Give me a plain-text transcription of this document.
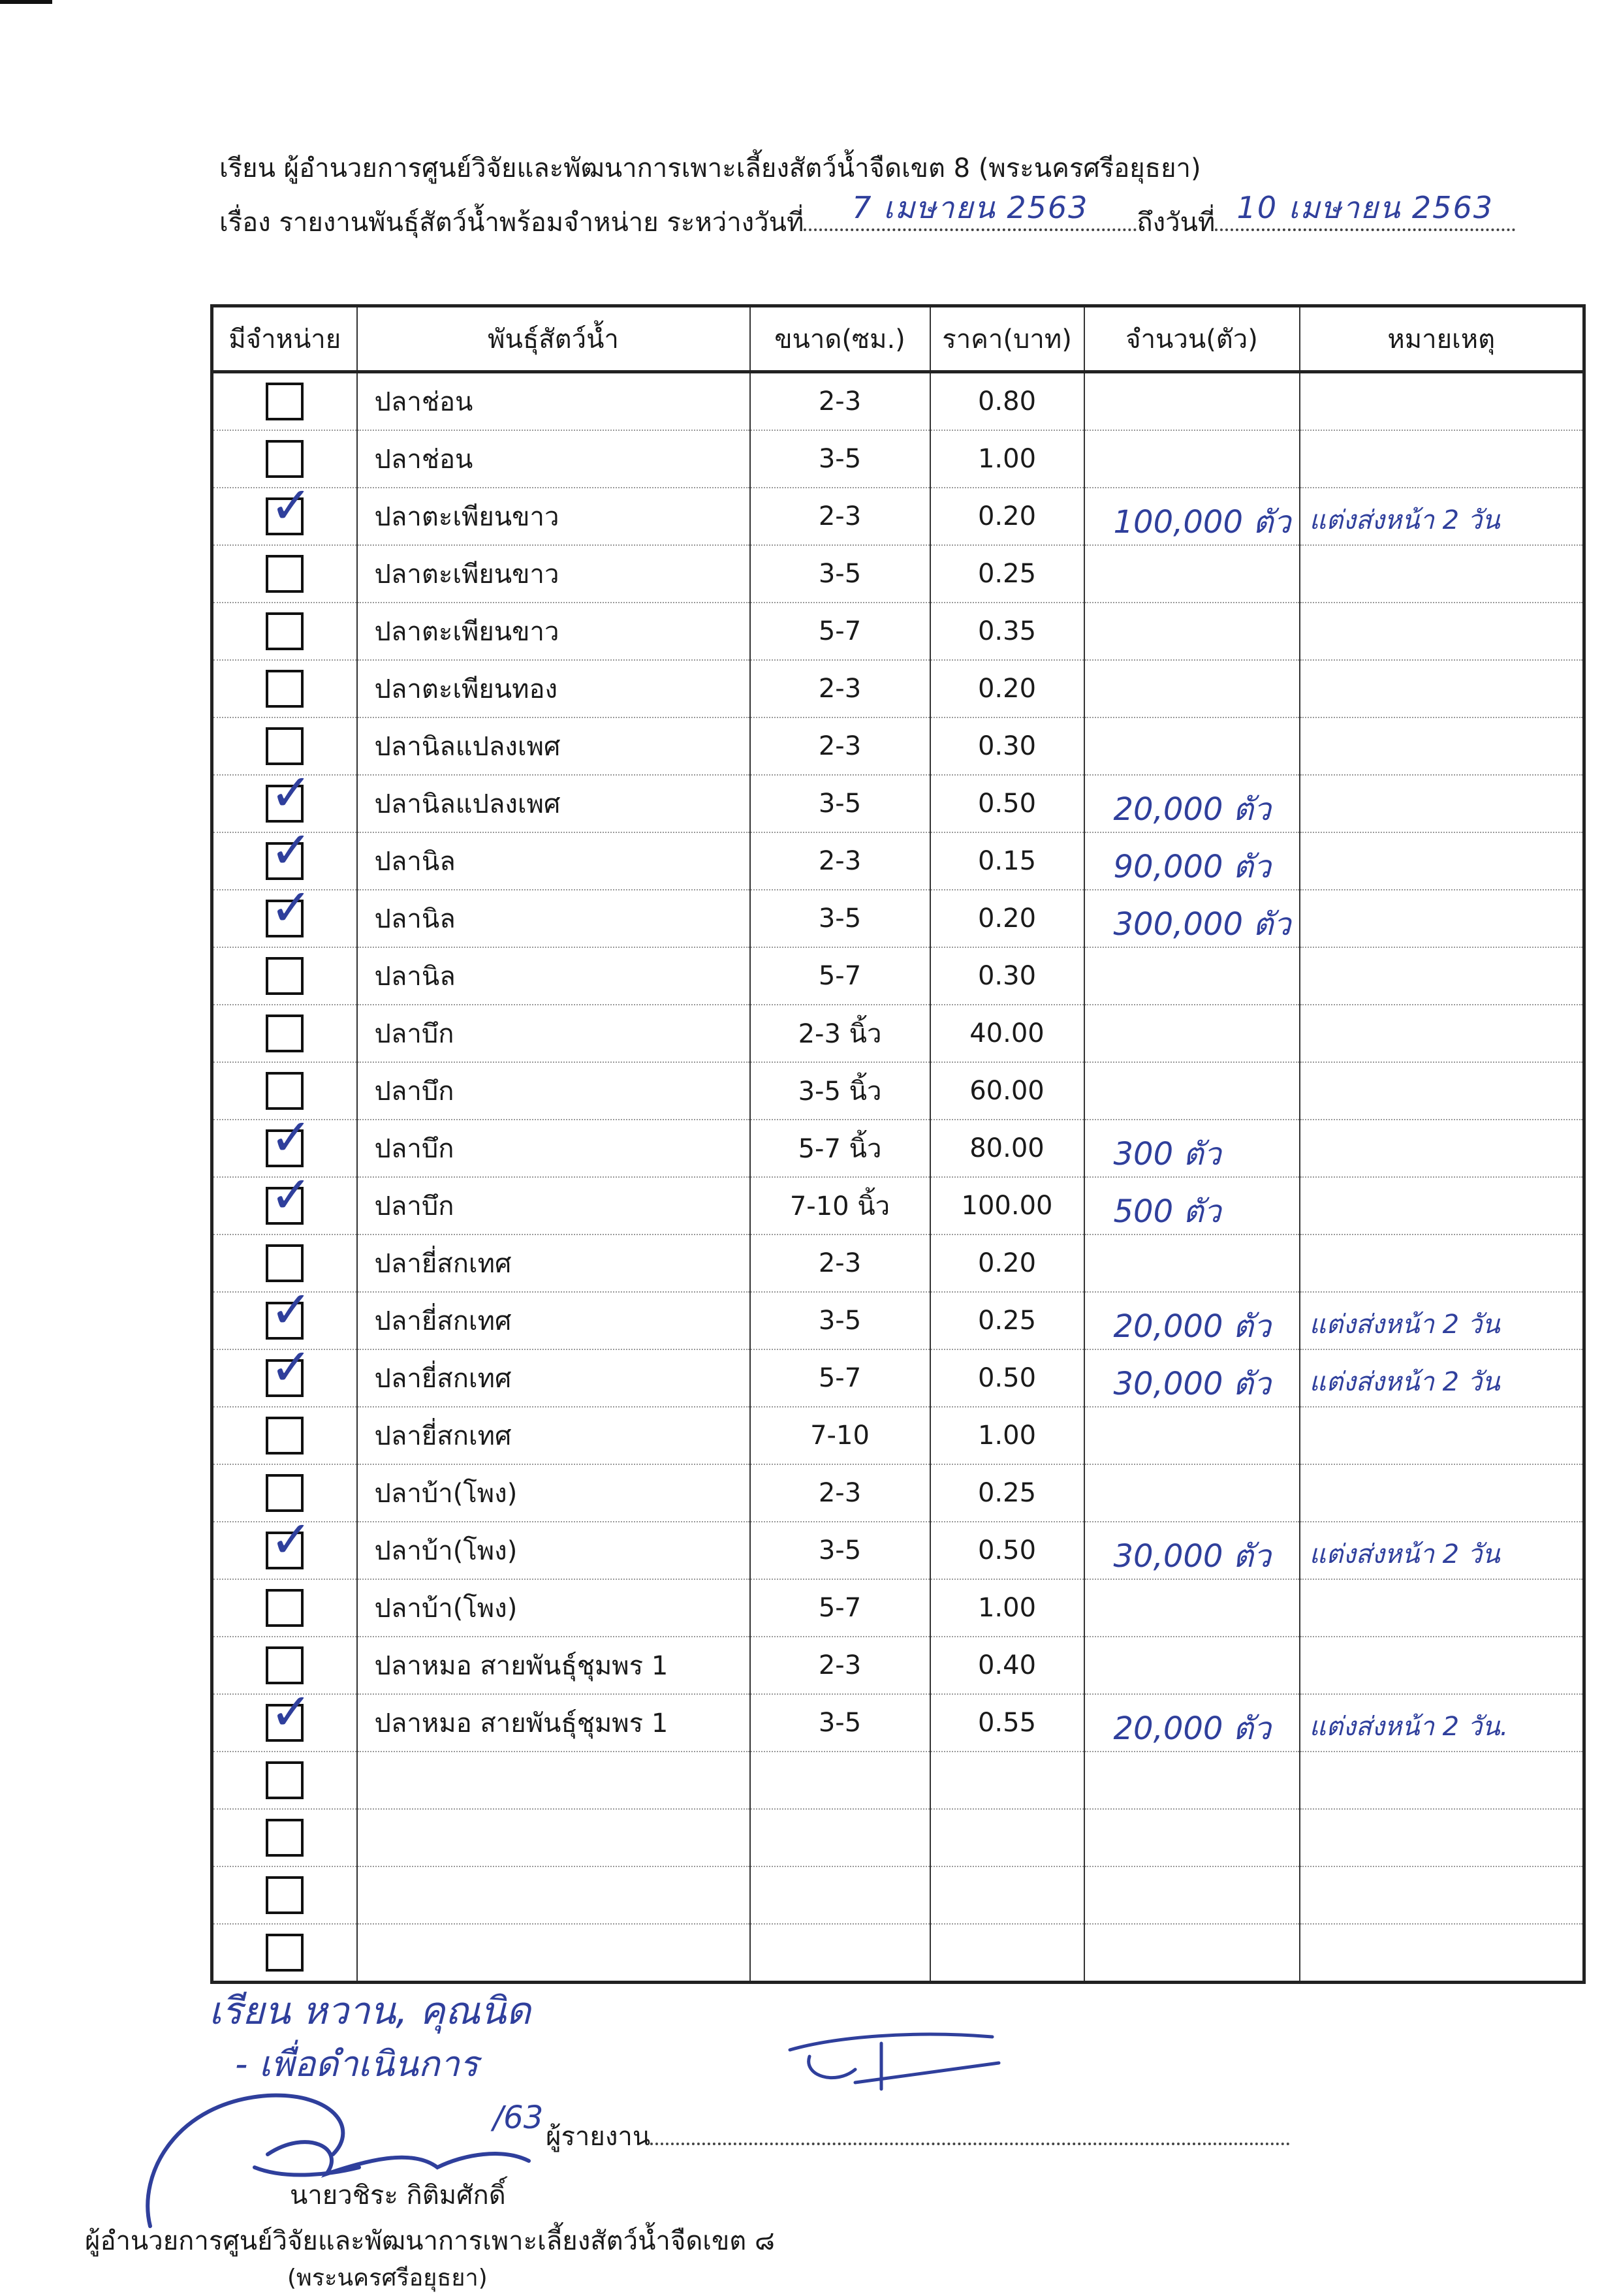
เรียน ผู้อำนวยการศูนย์วิจัยและพัฒนาการเพาะเลี้ยงสัตว์น้ำจืดเขต 8 (พระนครศรีอยุธยา)
เรื่อง รายงานพันธุ์สัตว์น้ำพร้อมจำหน่าย ระหว่างวันที่	7 เมษายน 2563	ถึงวันที่ 10 เมษายน 2563
มีจำหน่าย	พันธุ์สัตว์น้ำ	ขนาด(ซม.)	ราคา(บาท)	จำนวน(ตัว)	หมายเหตุ
	ปลาช่อน	2-3	0.80	

	ปลาช่อน	3-5	1.00	

✓	ปลาตะเพียนขาว	2-3	0.20	100,000 ตัว	แต่งส่งหน้า 2 วัน

	ปลาตะเพียนขาว	3-5	0.25	

	ปลาตะเพียนขาว	5-7	0.35	

	ปลาตะเพียนทอง	2-3	0.20	

	ปลานิลแปลงเพศ	2-3	0.30	

✓	ปลานิลแปลงเพศ	3-5	0.50	20,000 ตัว	

✓	ปลานิล	2-3	0.15	90,000 ตัว	

✓	ปลานิล	3-5	0.20	300,000 ตัว	

	ปลานิล	5-7	0.30	

	ปลาบึก	2-3 นิ้ว	40.00	

	ปลาบึก	3-5 นิ้ว	60.00	

✓	ปลาบึก	5-7 นิ้ว	80.00	300 ตัว	

✓	ปลาบึก	7-10 นิ้ว	100.00	500 ตัว	

	ปลายี่สกเทศ	2-3	0.20	

✓	ปลายี่สกเทศ	3-5	0.25	20,000 ตัว	แต่งส่งหน้า 2 วัน

✓	ปลายี่สกเทศ	5-7	0.50	30,000 ตัว	แต่งส่งหน้า 2 วัน

	ปลายี่สกเทศ	7-10	1.00	

	ปลาบ้า(โพง)	2-3	0.25	

✓	ปลาบ้า(โพง)	3-5	0.50	30,000 ตัว	แต่งส่งหน้า 2 วัน

	ปลาบ้า(โพง)	5-7	1.00	

	ปลาหมอ สายพันธุ์ชุมพร 1	2-3	0.40	

✓	ปลาหมอ สายพันธุ์ชุมพร 1	3-5	0.55	20,000 ตัว	แต่งส่งหน้า 2 วัน.

เรียน หวาน, คุณนิด
- เพื่อดำเนินการ
ผู้รายงาน
/63
นายวชิระ กิติมศักดิ์
ผู้อำนวยการศูนย์วิจัยและพัฒนาการเพาะเลี้ยงสัตว์น้ำจืดเขต ๘
(พระนครศรีอยุธยา)
